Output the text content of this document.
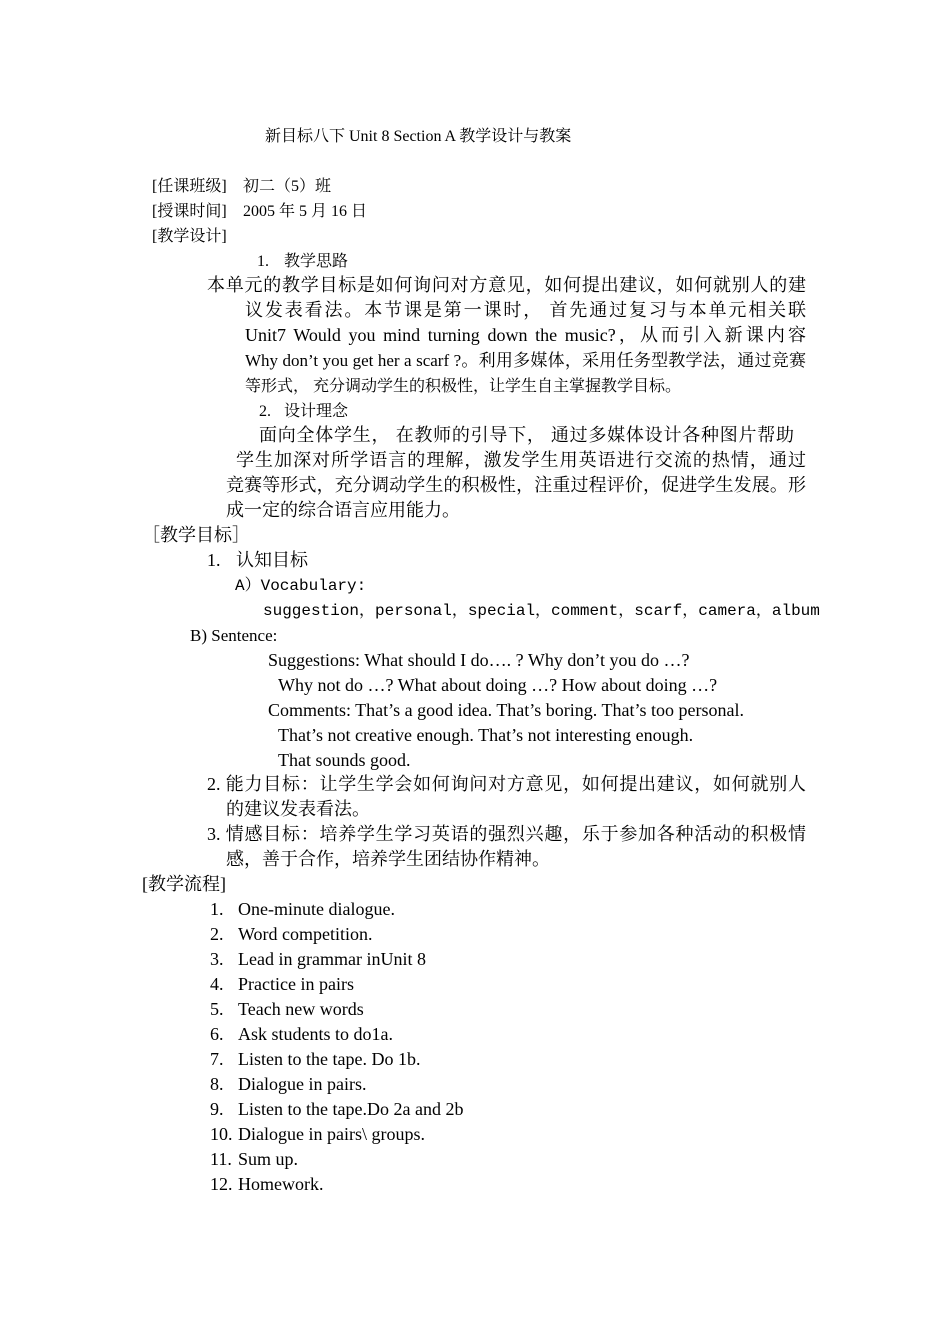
新目标八下 Unit 8 Section A 教学设计与教案
[任课班级] 初二（5）班
[授课时间] 2005 年 5 月 16 日
[教学设计]
1. 教学思路
本单元的教学目标是如何询问对方意见，如何提出建议，如何就别人的建
议发表看法。本节课是第一课时， 首先通过复习与本单元相关联
Unit7 Would you mind turning down the music?，从而引入新课内容
Why don’t you get her a scarf ?。利用多媒体，采用任务型教学法，通过竞赛
等形式， 充分调动学生的积极性，让学生自主掌握教学目标。
2. 设计理念
面向全体学生， 在教师的引导下， 通过多媒体设计各种图片帮助
学生加深对所学语言的理解，激发学生用英语进行交流的热情，通过
竞赛等形式，充分调动学生的积极性，注重过程评价，促进学生发展。形
成一定的综合语言应用能力。
［教学目标］
1. 认知目标
A）Vocabulary:
suggestion，personal，special，comment，scarf，camera，album
B) Sentence:
Suggestions: What should I do…. ? Why don’t you do …?
Why not do …? What about doing …? How about doing …?
Comments: That’s a good idea. That’s boring. That’s too personal.
That’s not creative enough. That’s not interesting enough.
That sounds good.
2. 能力目标：让学生学会如何询问对方意见，如何提出建议，如何就别人
的建议发表看法。
3. 情感目标：培养学生学习英语的强烈兴趣，乐于参加各种活动的积极情
感，善于合作，培养学生团结协作精神。
[教学流程]
1. One-minute dialogue.
2. Word competition.
3. Lead in grammar inUnit 8
4. Practice in pairs
5. Teach new words
6. Ask students to do1a.
7. Listen to the tape. Do 1b.
8. Dialogue in pairs.
9. Listen to the tape.Do 2a and 2b
10. Dialogue in pairs\ groups.
11. Sum up.
12. Homework.
